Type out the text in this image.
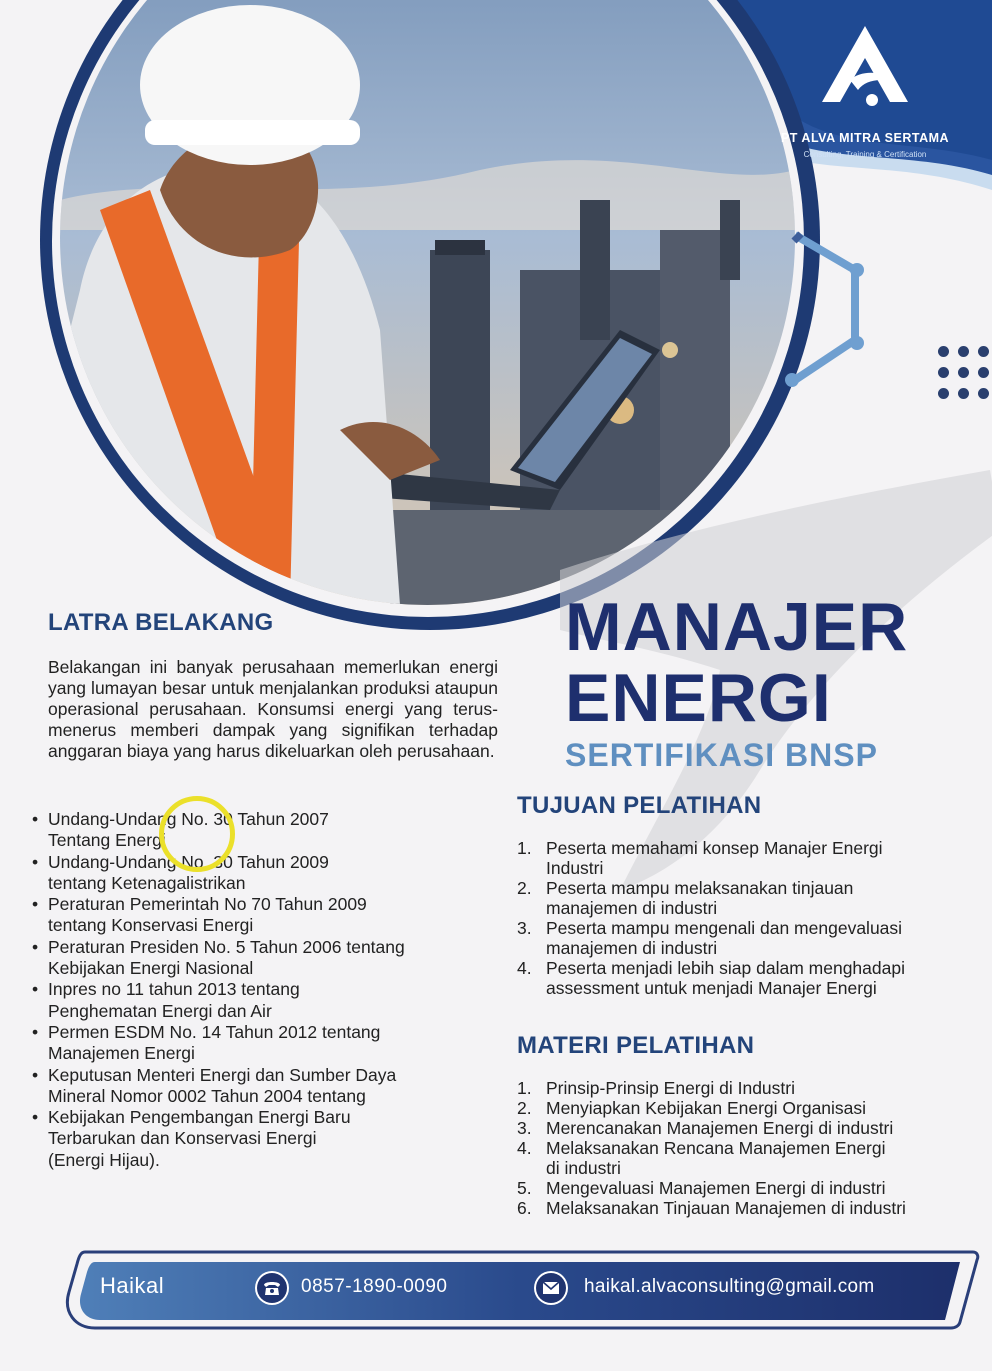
PT ALVA MITRA SERTAMA
Consulting, Training & Certification
LATRA BELAKANG
Belakangan ini banyak perusahaan memerlukan energi yang lumayan besar untuk menjalankan produksi ataupun operasional perusahaan. Konsumsi energi yang terus-menerus memberi dampak yang signifikan terhadap anggaran biaya yang harus dikeluarkan oleh perusahaan.
• Undang-Undang No. 30 Tahun 2007
Tentang Energi
• Undang-Undang No. 30 Tahun 2009
tentang Ketenagalistrikan
• Peraturan Pemerintah No 70 Tahun 2009
tentang Konservasi Energi
• Peraturan Presiden No. 5 Tahun 2006 tentang
Kebijakan Energi Nasional
• Inpres no 11 tahun 2013 tentang
Penghematan Energi dan Air
• Permen ESDM No. 14 Tahun 2012 tentang
Manajemen Energi
• Keputusan Menteri Energi dan Sumber Daya
Mineral Nomor 0002 Tahun 2004 tentang
• Kebijakan Pengembangan Energi Baru
Terbarukan dan Konservasi Energi
(Energi Hijau).
MANAJER
ENERGI
SERTIFIKASI BNSP
TUJUAN PELATIHAN
1. Peserta memahami konsep Manajer Energi
Industri
2. Peserta mampu melaksanakan tinjauan
manajemen di industri
3. Peserta mampu mengenali dan mengevaluasi
manajemen di industri
4. Peserta menjadi lebih siap dalam menghadapi
assessment untuk menjadi Manajer Energi
MATERI PELATIHAN
1. Prinsip-Prinsip Energi di Industri
2. Menyiapkan Kebijakan Energi Organisasi
3. Merencanakan Manajemen Energi di industri
4. Melaksanakan Rencana Manajemen Energi
di industri
5. Mengevaluasi Manajemen Energi di industri
6. Melaksanakan Tinjauan Manajemen di industri
Haikal	0857-1890-0090	haikal.alvaconsulting@gmail.com
